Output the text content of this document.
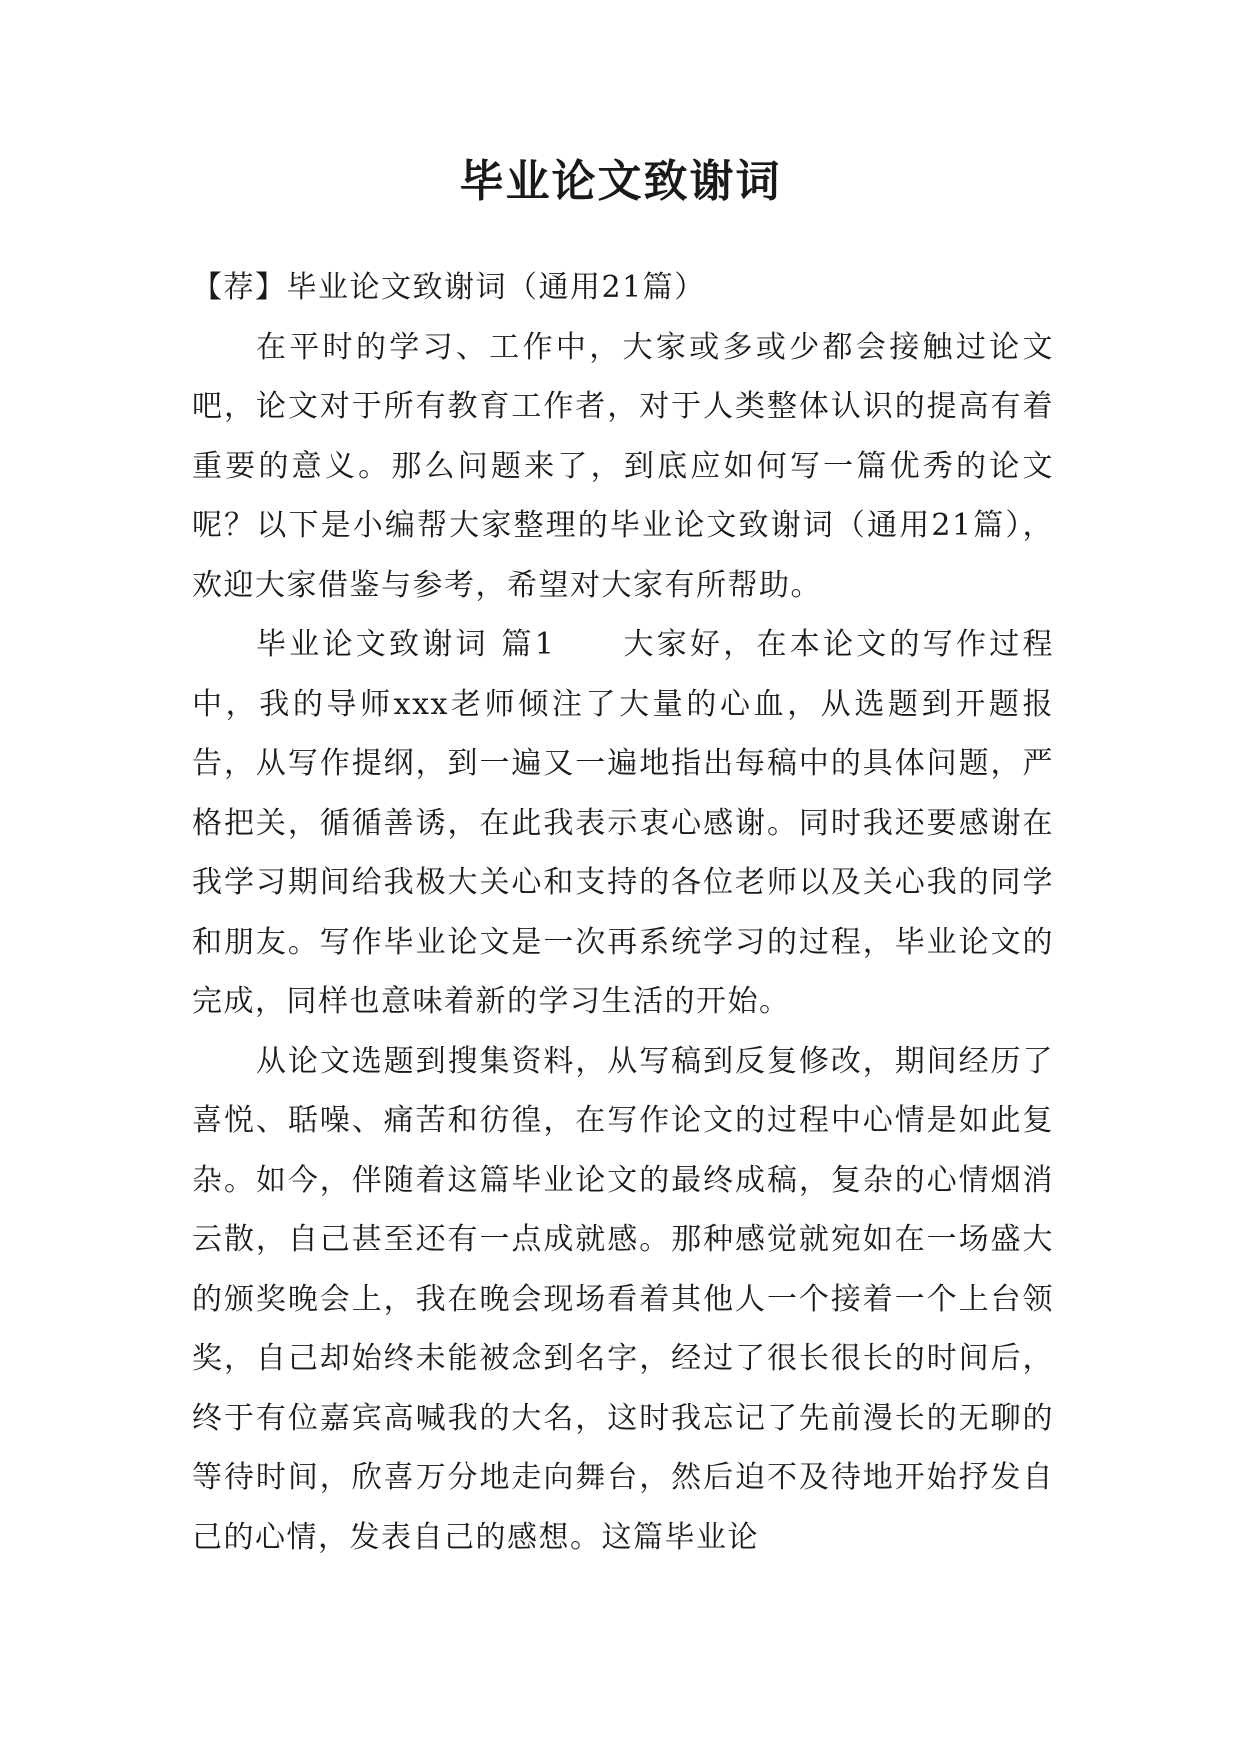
毕业论文致谢词

【荐】毕业论文致谢词（通用21篇）

在平时的学习、工作中，大家或多或少都会接触过论文吧，论文对于所有教育工作者，对于人类整体认识的提高有着重要的意义。那么问题来了，到底应如何写一篇优秀的论文呢？以下是小编帮大家整理的毕业论文致谢词（通用21篇），欢迎大家借鉴与参考，希望对大家有所帮助。

毕业论文致谢词 篇1　　大家好，在本论文的写作过程中，我的导师xxx老师倾注了大量的心血，从选题到开题报告，从写作提纲，到一遍又一遍地指出每稿中的具体问题，严格把关，循循善诱，在此我表示衷心感谢。同时我还要感谢在我学习期间给我极大关心和支持的各位老师以及关心我的同学和朋友。写作毕业论文是一次再系统学习的过程，毕业论文的完成，同样也意味着新的学习生活的开始。

从论文选题到搜集资料，从写稿到反复修改，期间经历了喜悦、聒噪、痛苦和彷徨，在写作论文的过程中心情是如此复杂。如今，伴随着这篇毕业论文的最终成稿，复杂的心情烟消云散，自己甚至还有一点成就感。那种感觉就宛如在一场盛大的颁奖晚会上，我在晚会现场看着其他人一个接着一个上台领奖，自己却始终未能被念到名字，经过了很长很长的时间后，终于有位嘉宾高喊我的大名，这时我忘记了先前漫长的无聊的等待时间，欣喜万分地走向舞台，然后迫不及待地开始抒发自己的心情，发表自己的感想。这篇毕业论
